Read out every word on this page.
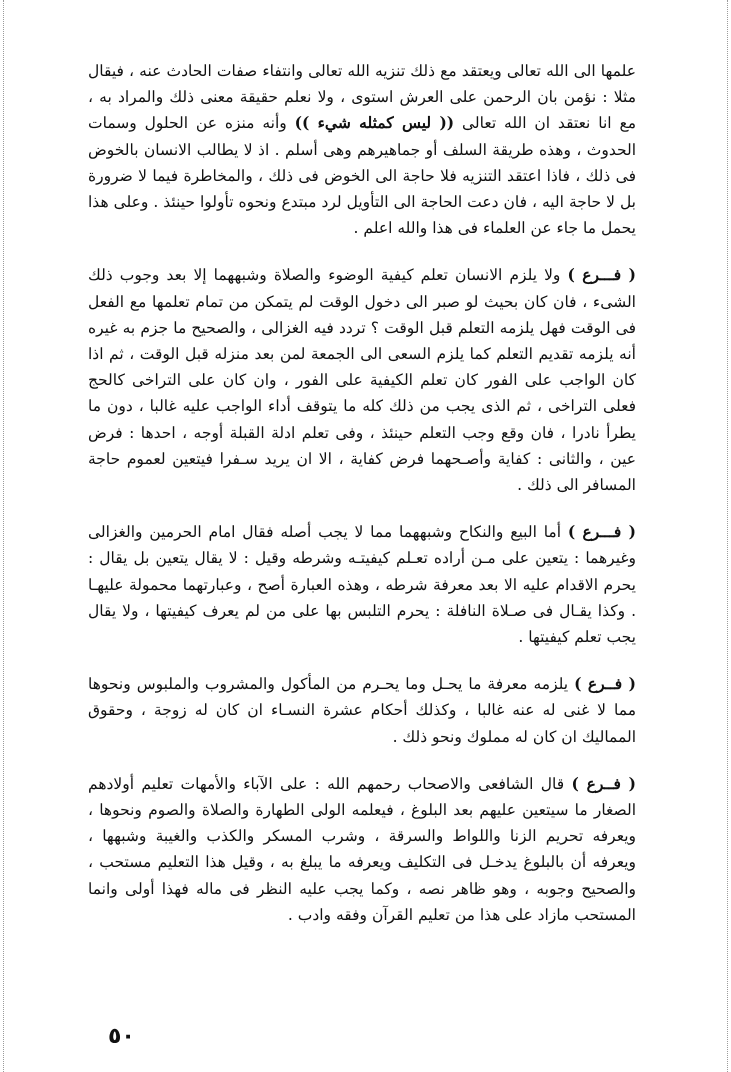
علمها الى الله تعالى ويعتقد مع ذلك تنزيه الله تعالى وانتفاء صفات الحادث عنه ، فيقال مثلا : نؤمن بان الرحمن على العرش استوى ، ولا نعلم حقيقة معنى ذلك والمراد به ، مع انا نعتقد ان الله تعالى (( ليس كمثله شيء )) وأنه منزه عن الحلول وسمات الحدوث ، وهذه طريقة السلف أو جماهيرهم وهى أسلم . اذ لا يطالب الانسان بالخوض فى ذلك ، فاذا اعتقد التنزيه فلا حاجة الى الخوض فى ذلك ، والمخاطرة فيما لا ضرورة بل لا حاجة اليه ، فان دعت الحاجة الى التأويل لرد مبتدع ونحوه تأولوا حينئذ . وعلى هذا يحمل ما جاء عن العلماء فى هذا والله اعلم .

( فـــرع ) ولا يلزم الانسان تعلم كيفية الوضوء والصلاة وشبههما إلا بعد وجوب ذلك الشىء ، فان كان بحيث لو صبر الى دخول الوقت لم يتمكن من تمام تعلمها مع الفعل فى الوقت فهل يلزمه التعلم قبل الوقت ؟ تردد فيه الغزالى ، والصحيح ما جزم به غيره أنه يلزمه تقديم التعلم كما يلزم السعى الى الجمعة لمن بعد منزله قبل الوقت ، ثم اذا كان الواجب على الفور كان تعلم الكيفية على الفور ، وان كان على التراخى كالحج فعلى التراخى ، ثم الذى يجب من ذلك كله ما يتوقف أداء الواجب عليه غالبا ، دون ما يطرأ نادرا ، فان وقع وجب التعلم حينئذ ، وفى تعلم ادلة القبلة أوجه ، احدها : فرض عين ، والثانى : كفاية وأصـحهما فرض كفاية ، الا ان يريد سـفرا فيتعين لعموم حاجة المسافر الى ذلك .

( فـــرع ) أما البيع والنكاح وشبههما مما لا يجب أصله فقال امام الحرمين والغزالى وغيرهما : يتعين على مـن أراده تعـلم كيفيتـه وشرطه وقيل : لا يقال يتعين بل يقال : يحرم الاقدام عليه الا بعد معرفة شرطه ، وهذه العبارة أصح ، وعبارتهما محمولة عليهـا . وكذا يقـال فى صـلاة النافلة : يحرم التلبس بها على من لم يعرف كيفيتها ، ولا يقال يجب تعلم كيفيتها .

( فــرع ) يلزمه معرفة ما يحـل وما يحـرم من المأكول والمشروب والملبوس ونحوها مما لا غنى له عنه غالبا ، وكذلك أحكام عشرة النسـاء ان كان له زوجة ، وحقوق المماليك ان كان له مملوك ونحو ذلك .

( فــرع ) قال الشافعى والاصحاب رحمهم الله : على الآباء والأمهات تعليم أولادهم الصغار ما سيتعين عليهم بعد البلوغ ، فيعلمه الولى الطهارة والصلاة والصوم ونحوها ، ويعرفه تحريم الزنا واللواط والسرقة ، وشرب المسكر والكذب والغيبة وشبهها ، ويعرفه أن بالبلوغ يدخـل فى التكليف ويعرفه ما يبلغ به ، وقيل هذا التعليم مستحب ، والصحيح وجوبه ، وهو ظاهر نصه ، وكما يجب عليه النظر فى ماله فهذا أولى وانما المستحب مازاد على هذا من تعليم القرآن وفقه وادب .

٥٠
